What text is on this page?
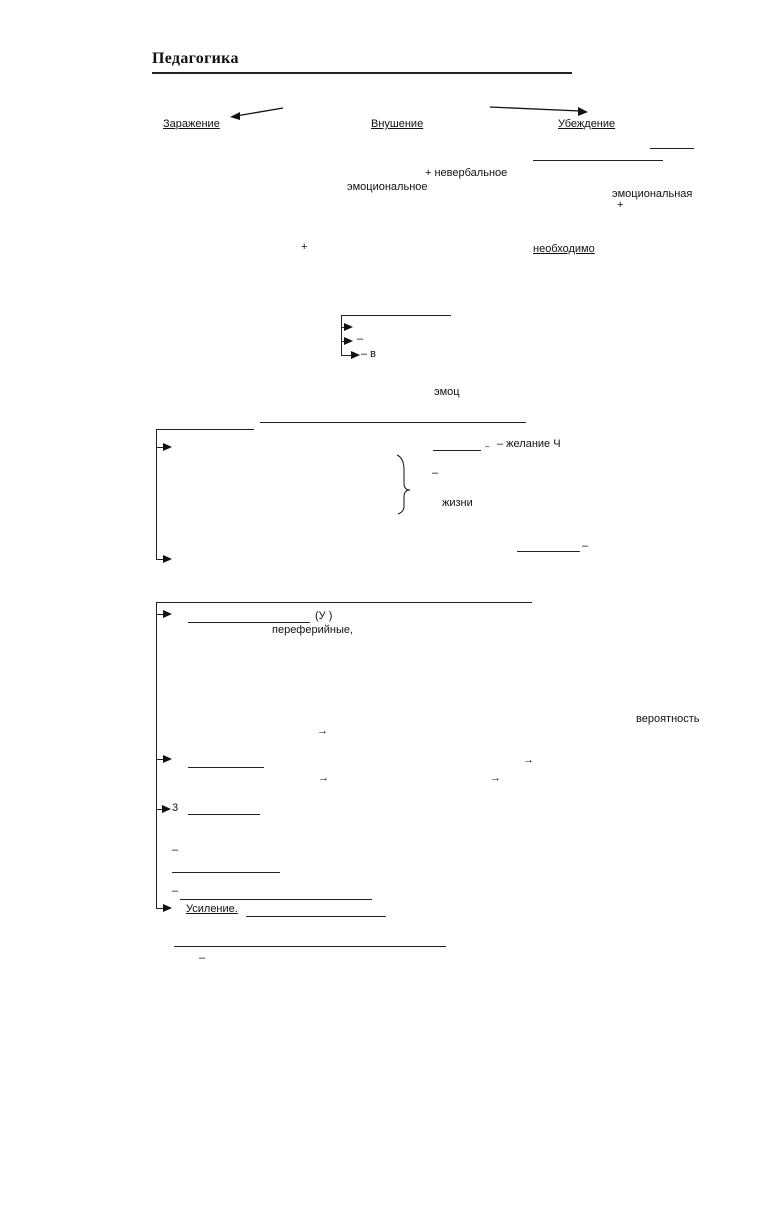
Педагогика
Заражение	Внушение	Убеждение
+ невербальное
эмоциональное
эмоциональная
+
+	необходимо
–
– в
эмоц
– – желание Ч
–
жизни
–
(У )
переферийные,
вероятность
→
→
→	→
3
–
–
Усиление.
–
